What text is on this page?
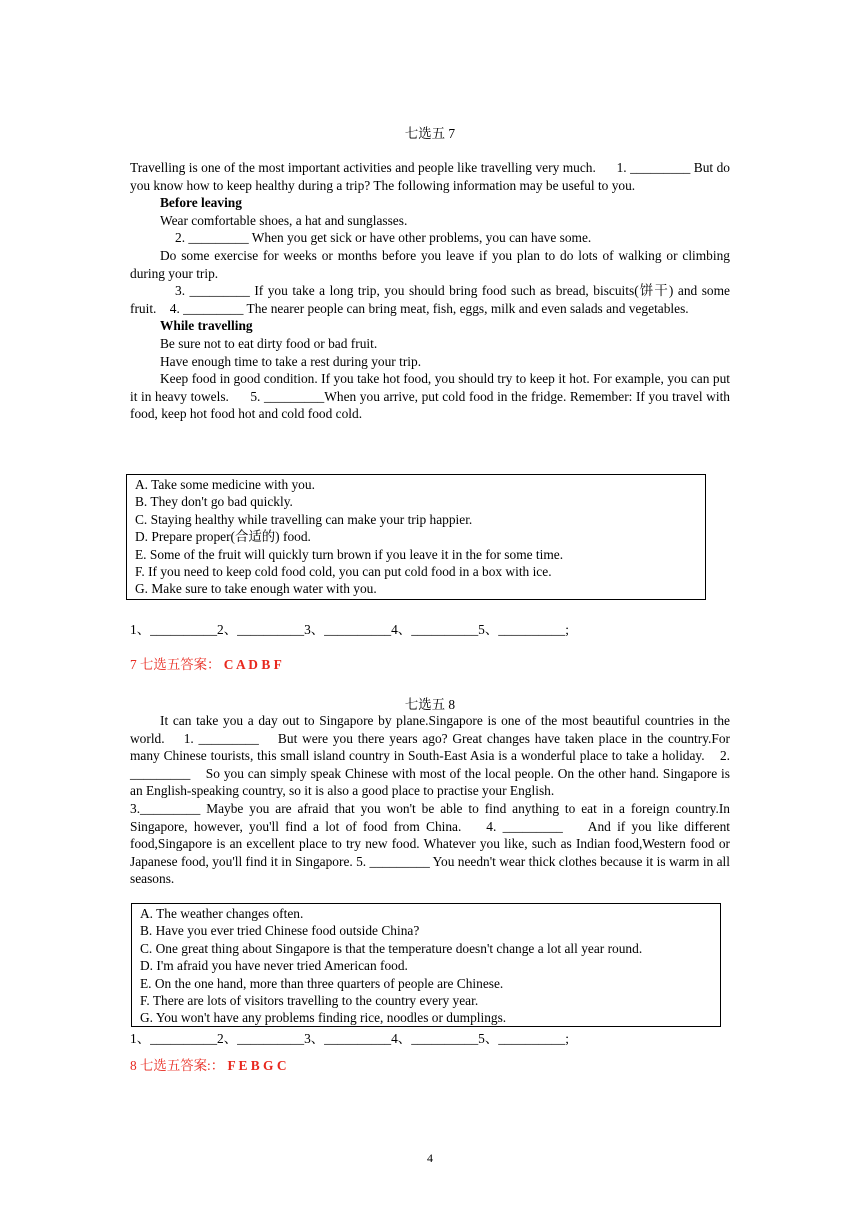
七选五 7

Travelling is one of the most important activities and people like travelling very much.      1. _________ But do you know how to keep healthy during a trip? The following information may be useful to you.

Before leaving

Wear comfortable shoes, a hat and sunglasses.

2. _________ When you get sick or have other problems, you can have some.

Do some exercise for weeks or months before you leave if you plan to do lots of walking or climbing during your trip.

3. _________ If you take a long trip, you should bring food such as bread, biscuits(饼干) and some fruit.    4. _________ The nearer people can bring meat, fish, eggs, milk and even salads and vegetables.

While travelling

Be sure not to eat dirty food or bad fruit.

Have enough time to take a rest during your trip.

Keep food in good condition. If you take hot food, you should try to keep it hot. For example, you can put it in heavy towels.      5. _________When you arrive, put cold food in the fridge. Remember: If you travel with food, keep hot food hot and cold food cold.

A. Take some medicine with you.
B. They don't go bad quickly.
C. Staying healthy while travelling can make your trip happier.
D. Prepare proper(合适的) food.
E. Some of the fruit will quickly turn brown if you leave it in the for some time.
F. If you need to keep cold food cold, you can put cold food in a box with ice.
G. Make sure to take enough water with you.
1、__________2、__________3、__________4、__________5、__________;
7 七选五答案： C A D B F
七选五 8

It can take you a day out to Singapore by plane.Singapore is one of the most beautiful countries in the world.    1. _________    But were you there years ago? Great changes have taken place in the country.For many Chinese tourists, this small island country in South-East Asia is a wonderful place to take a holiday.    2. _________    So you can simply speak Chinese with most of the local people. On the other hand. Singapore is an English-speaking country, so it is also a good place to practise your English.

3._________ Maybe you are afraid that you won't be able to find anything to eat in a foreign country.In Singapore, however, you'll find a lot of food from China.    4. _________    And if you like different food,Singapore is an excellent place to try new food. Whatever you like, such as Indian food,Western food or Japanese food, you'll find it in Singapore. 5. _________ You needn't wear thick clothes because it is warm in all seasons.

A. The weather changes often.
B. Have you ever tried Chinese food outside China?
C. One great thing about Singapore is that the temperature doesn't change a lot all year round.
D. I'm afraid you have never tried American food.
E. On the one hand, more than three quarters of people are Chinese.
F. There are lots of visitors travelling to the country every year.
G. You won't have any problems finding rice, noodles or dumplings.
1、__________2、__________3、__________4、__________5、__________;
8 七选五答案:： F E B G C
4
